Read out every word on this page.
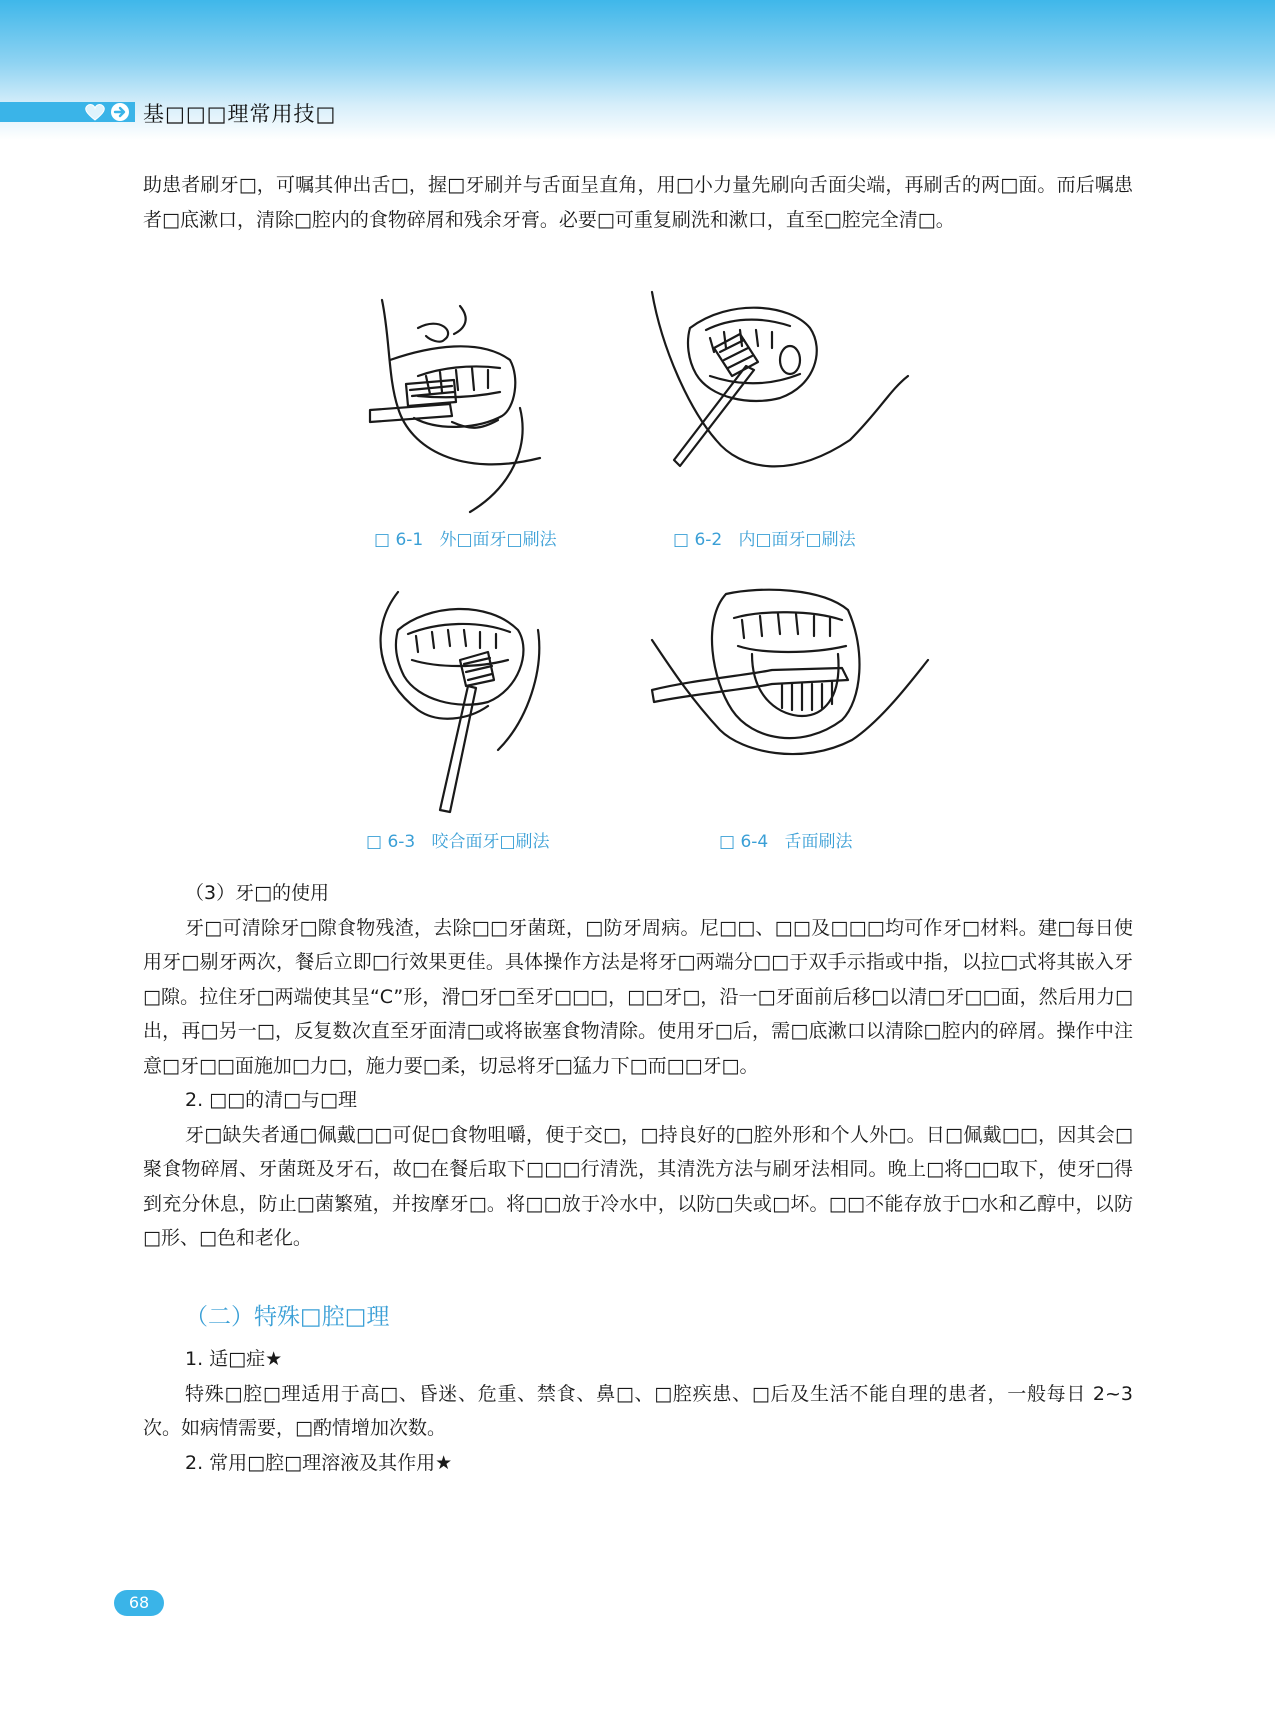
基□□□理常用技□

助患者刷牙□，可嘱其伸出舌□，握□牙刷并与舌面呈直角，用□小力量先刷向舌面尖端，再刷舌的两□面。而后嘱患者□底漱口，清除□腔内的食物碎屑和残余牙膏。必要□可重复刷洗和漱口，直至□腔完全清□。

□ 6-1 外□面牙□刷法	□ 6-2 内□面牙□刷法
□ 6-3 咬合面牙□刷法	□ 6-4 舌面刷法

（3）牙□的使用

牙□可清除牙□隙食物残渣，去除□□牙菌斑，□防牙周病。尼□□、□□及□□□均可作牙□材料。建□每日使用牙□剔牙两次，餐后立即□行效果更佳。具体操作方法是将牙□两端分□□于双手示指或中指，以拉□式将其嵌入牙□隙。拉住牙□两端使其呈“C”形，滑□牙□至牙□□□，□□牙□，沿一□牙面前后移□以清□牙□□面，然后用力□出，再□另一□，反复数次直至牙面清□或将嵌塞食物清除。使用牙□后，需□底漱口以清除□腔内的碎屑。操作中注意□牙□□面施加□力□，施力要□柔，切忌将牙□猛力下□而□□牙□。

2. □□的清□与□理

牙□缺失者通□佩戴□□可促□食物咀嚼，便于交□，□持良好的□腔外形和个人外□。日□佩戴□□，因其会□聚食物碎屑、牙菌斑及牙石，故□在餐后取下□□□行清洗，其清洗方法与刷牙法相同。晚上□将□□取下，使牙□得到充分休息，防止□菌繁殖，并按摩牙□。将□□放于冷水中，以防□失或□坏。□□不能存放于□水和乙醇中，以防□形、□色和老化。

（二）特殊□腔□理

1. 适□症★

特殊□腔□理适用于高□、昏迷、危重、禁食、鼻□、□腔疾患、□后及生活不能自理的患者，一般每日 2~3 次。如病情需要，□酌情增加次数。

2. 常用□腔□理溶液及其作用★

68
